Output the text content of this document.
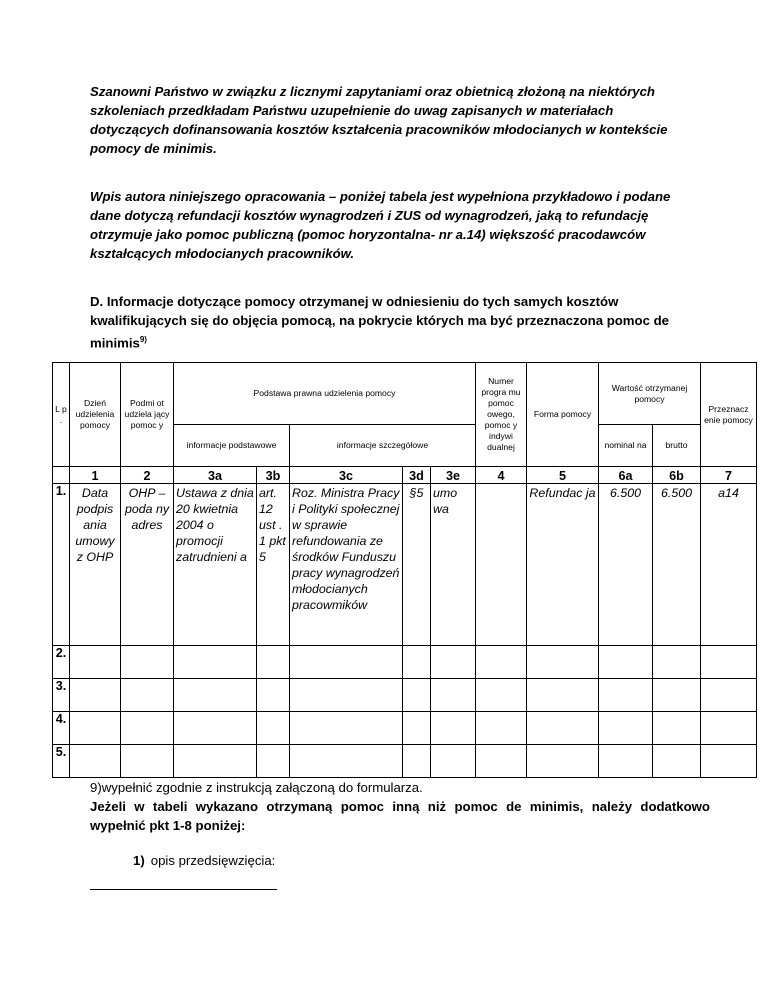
Szanowni Państwo w związku z licznymi zapytaniami oraz obietnicą złożoną na niektórych szkoleniach przedkładam Państwu uzupełnienie do uwag zapisanych w materiałach dotyczących dofinansowania kosztów kształcenia pracowników młodocianych w kontekście pomocy de minimis.

Wpis autora niniejszego opracowania – poniżej tabela jest wypełniona przykładowo i podane dane dotyczą refundacji kosztów wynagrodzeń i ZUS od wynagrodzeń, jaką to refundację otrzymuje jako pomoc publiczną (pomoc horyzontalna- nr a.14) większość pracodawców kształcących młodocianych pracowników.

D. Informacje dotyczące pomocy otrzymanej w odniesieniu do tych samych kosztów kwalifikujących się do objęcia pomocą, na pokrycie których ma być przeznaczona pomoc de minimis$^{9)}$

L p .	Dzień udzielenia pomocy	Podmi ot udziela jący pomoc y	Podstawa prawna udzielenia pomocy					Numer progra mu pomoc owego, pomoc y indywi dualnej	Forma pomocy	Wartość otrzymanej pomocy		Przeznacz enie pomocy
			informacje podstawowe		informacje szczegółowe					nominal na	brutto	
	1	2	3a	3b	3c	3d	3e	4	5	6a	6b	7
1.	Data podpis ania umowy z OHP	OHP – poda ny adres	Ustawa z dnia 20 kwietnia 2004 o promocji zatrudnieni a	art. 12 ust . 1 pkt 5	Roz. Ministra Pracy i Polityki społecznej w sprawie refundowania ze środków Funduszu pracy wynagrodzeń młodocianych pracowmików	§5	umo wa		Refundac ja	6.500	6.500	a14
2.												
3.												
4.												
5.												

9)wypełnić zgodnie z instrukcją załączoną do formularza.
Jeżeli w tabeli wykazano otrzymaną pomoc inną niż pomoc de minimis, należy dodatkowo wypełnić pkt 1-8 poniżej:

1) opis przedsięwzięcia:
